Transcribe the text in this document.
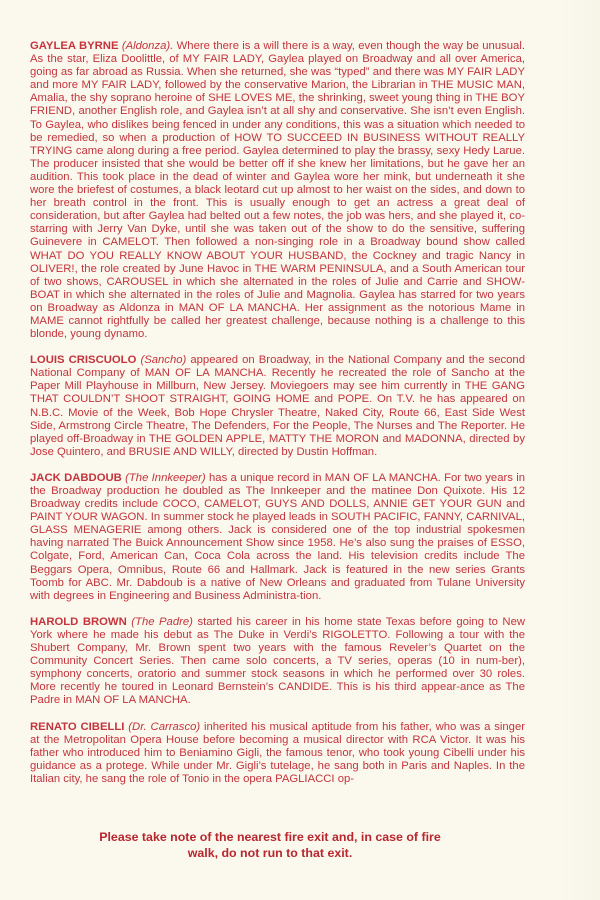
GAYLEA BYRNE (Aldonza). Where there is a will there is a way, even though the way be unusual. As the star, Eliza Doolittle, of MY FAIR LADY, Gaylea played on Broadway and all over America, going as far abroad as Russia. When she returned, she was “typed” and there was MY FAIR LADY and more MY FAIR LADY, followed by the conservative Marion, the Librarian in THE MUSIC MAN, Amalia, the shy soprano heroine of SHE LOVES ME, the shrinking, sweet young thing in THE BOY FRIEND, another English role, and Gaylea isn’t at all shy and conservative. She isn’t even English. To Gaylea, who dislikes being fenced in under any conditions, this was a situation which needed to be remedied, so when a production of HOW TO SUCCEED IN BUSINESS WITHOUT REALLY TRYING came along during a free period. Gaylea determined to play the brassy, sexy Hedy Larue. The producer insisted that she would be better off if she knew her limitations, but he gave her an audition. This took place in the dead of winter and Gaylea wore her mink, but underneath it she wore the briefest of costumes, a black leotard cut up almost to her waist on the sides, and down to her breath control in the front. This is usually enough to get an actress a great deal of consideration, but after Gaylea had belted out a few notes, the job was hers, and she played it, co-starring with Jerry Van Dyke, until she was taken out of the show to do the sensitive, suffering Guinevere in CAMELOT. Then followed a non-singing role in a Broadway bound show called WHAT DO YOU REALLY KNOW ABOUT YOUR HUSBAND, the Cockney and tragic Nancy in OLIVER!, the role created by June Havoc in THE WARM PENINSULA, and a South American tour of two shows, CAROUSEL in which she alternated in the roles of Julie and Carrie and SHOW-BOAT in which she alternated in the roles of Julie and Magnolia. Gaylea has starred for two years on Broadway as Aldonza in MAN OF LA MANCHA. Her assignment as the notorious Mame in MAME cannot rightfully be called her greatest challenge, because nothing is a challenge to this blonde, young dynamo.

LOUIS CRISCUOLO (Sancho) appeared on Broadway, in the National Company and the second National Company of MAN OF LA MANCHA. Recently he recreated the role of Sancho at the Paper Mill Playhouse in Millburn, New Jersey. Moviegoers may see him currently in THE GANG THAT COULDN’T SHOOT STRAIGHT, GOING HOME and POPE. On T.V. he has appeared on N.B.C. Movie of the Week, Bob Hope Chrysler Theatre, Naked City, Route 66, East Side West Side, Armstrong Circle Theatre, The Defenders, For the People, The Nurses and The Reporter. He played off-Broadway in THE GOLDEN APPLE, MATTY THE MORON and MADONNA, directed by Jose Quintero, and BRUSIE AND WILLY, directed by Dustin Hoffman.

JACK DABDOUB (The Innkeeper) has a unique record in MAN OF LA MANCHA. For two years in the Broadway production he doubled as The Innkeeper and the matinee Don Quixote. His 12 Broadway credits include COCO, CAMELOT, GUYS AND DOLLS, ANNIE GET YOUR GUN and PAINT YOUR WAGON. In summer stock he played leads in SOUTH PACIFIC, FANNY, CARNIVAL, GLASS MENAGERIE among others. Jack is considered one of the top industrial spokesmen having narrated The Buick Announcement Show since 1958. He’s also sung the praises of ESSO, Colgate, Ford, American Can, Coca Cola across the land. His television credits include The Beggars Opera, Omnibus, Route 66 and Hallmark. Jack is featured in the new series Grants Toomb for ABC. Mr. Dabdoub is a native of New Orleans and graduated from Tulane University with degrees in Engineering and Business Administra-tion.

HAROLD BROWN (The Padre) started his career in his home state Texas before going to New York where he made his debut as The Duke in Verdi’s RIGOLETTO. Following a tour with the Shubert Company, Mr. Brown spent two years with the famous Reveler’s Quartet on the Community Concert Series. Then came solo concerts, a TV series, operas (10 in num-ber), symphony concerts, oratorio and summer stock seasons in which he performed over 30 roles. More recently he toured in Leonard Bernstein’s CANDIDE. This is his third appear-ance as The Padre in MAN OF LA MANCHA.

RENATO CIBELLI (Dr. Carrasco) inherited his musical aptitude from his father, who was a singer at the Metropolitan Opera House before becoming a musical director with RCA Victor. It was his father who introduced him to Beniamino Gigli, the famous tenor, who took young Cibelli under his guidance as a protege. While under Mr. Gigli’s tutelage, he sang both in Paris and Naples. In the Italian city, he sang the role of Tonio in the opera PAGLIACCI op-

Please take note of the nearest fire exit and, in case of fire
walk, do not run to that exit.
